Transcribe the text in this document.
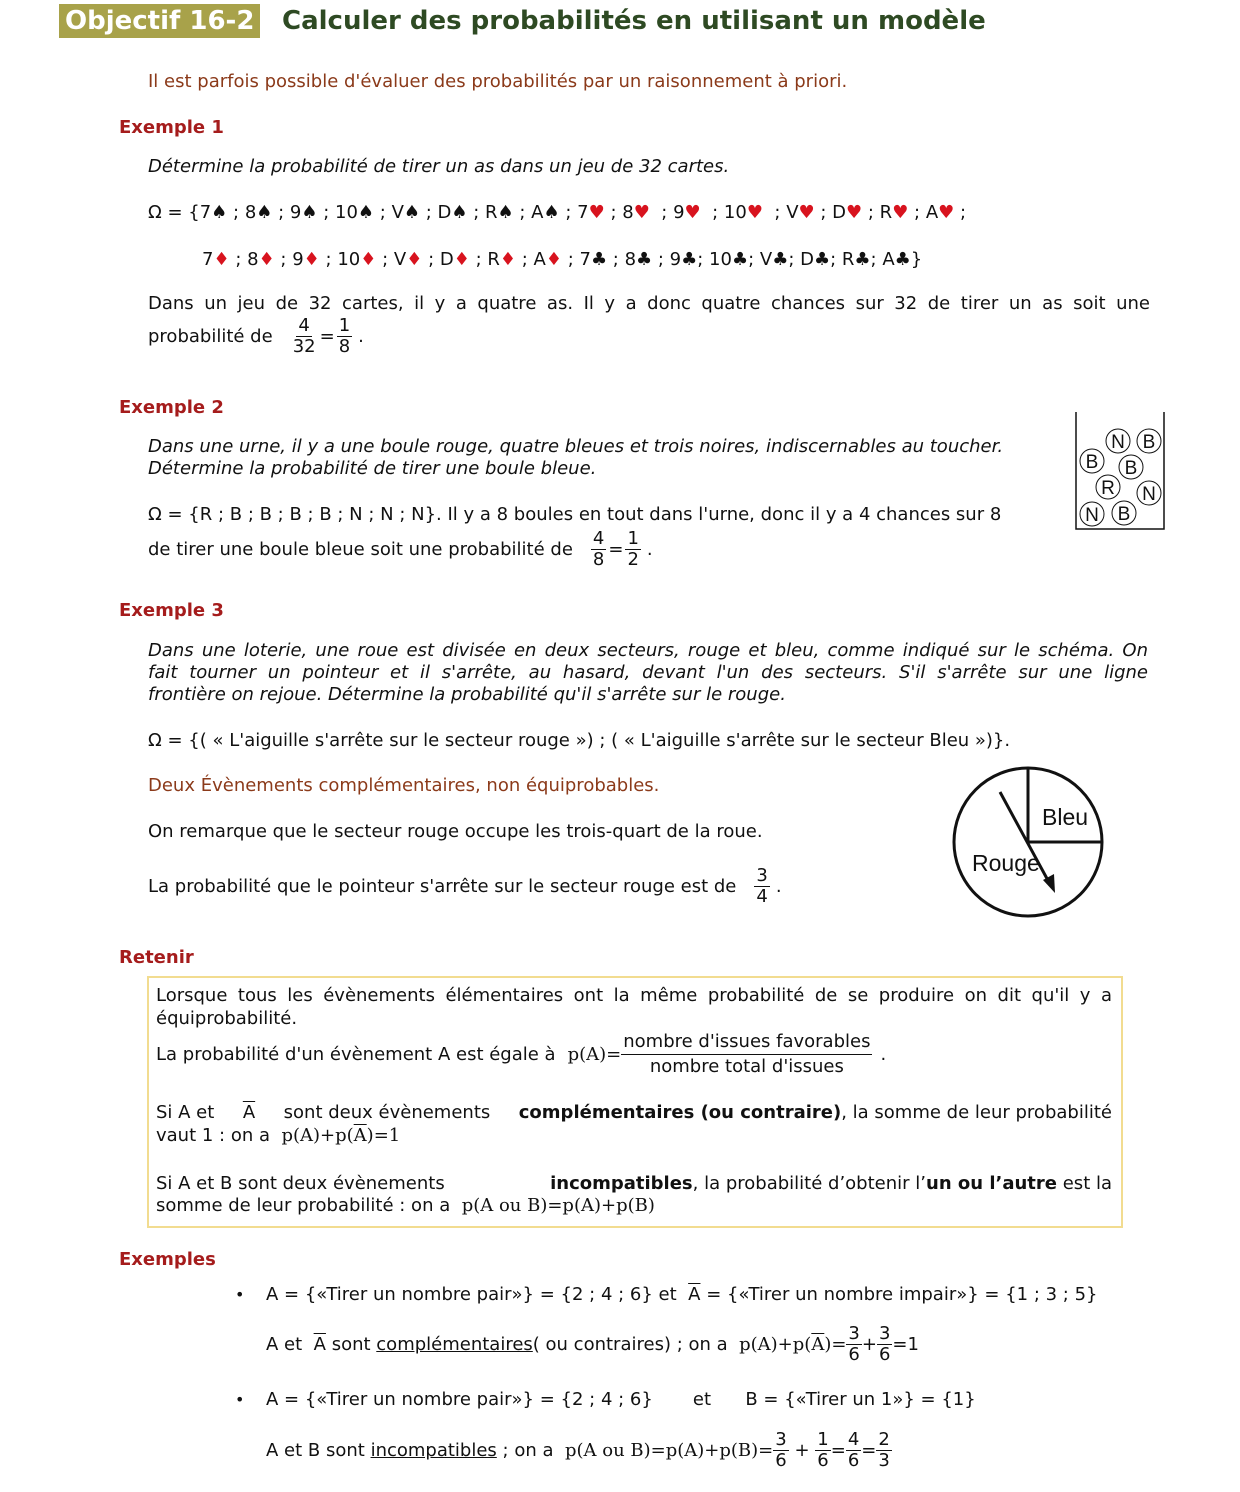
Objectif 16-2 Calculer des probabilités en utilisant un modèle
Il est parfois possible d'évaluer des probabilités par un raisonnement à priori.
Exemple 1
Détermine la probabilité de tirer un as dans un jeu de 32 cartes.
Ω = {7♠ ; 8♠ ; 9♠ ; 10♠ ; V♠ ; D♠ ; R♠ ; A♠ ; 7♥ ; 8♥  ; 9♥  ; 10♥  ; V♥ ; D♥ ; R♥ ; A♥ ;
7♦ ; 8♦ ; 9♦ ; 10♦ ; V♦ ; D♦ ; R♦ ; A♦ ; 7♣ ; 8♣ ; 9♣; 10♣; V♣; D♣; R♣; A♣}
Dans un jeu de 32 cartes, il y a quatre as. Il y a donc quatre chances sur 32 de tirer un as soit une
probabilité de $\frac{4}{32} = \frac{1}{8}$ .
Exemple 2
Dans une urne, il y a une boule rouge, quatre bleues et trois noires, indiscernables au toucher.
Détermine la probabilité de tirer une boule bleue.
Ω = {R ; B ; B ; B ; B ; N ; N ; N}. Il y a 8 boules en tout dans l'urne, donc il y a 4 chances sur 8
de tirer une boule bleue soit une probabilité de $\frac{4}{8} = \frac{1}{2}$ .
N B
B B
R N
N B
Exemple 3
Dans une loterie, une roue est divisée en deux secteurs, rouge et bleu, comme indiqué sur le schéma. On
fait tourner un pointeur et il s'arrête, au hasard, devant l'un des secteurs. S'il s'arrête sur une ligne
frontière on rejoue. Détermine la probabilité qu'il s'arrête sur le rouge.
Ω = {( « L'aiguille s'arrête sur le secteur rouge ») ; ( « L'aiguille s'arrête sur le secteur Bleu »)}.
Deux Évènements complémentaires, non équiprobables.
On remarque que le secteur rouge occupe les trois-quart de la roue.
La probabilité que le pointeur s'arrête sur le secteur rouge est de $\frac{3}{4}$ .
Bleu
Rouge
Retenir
Lorsque tous les évènements élémentaires ont la même probabilité de se produire on dit qu'il y a
équiprobabilité.
La probabilité d'un évènement A est égale à $p(A)= \frac{\text{nombre d'issues favorables}}{\text{nombre total d'issues}}$ .
Si A et $\overline{A}$ sont deux évènements complémentaires (ou contraire), la somme de leur probabilité
vaut 1 : on a $p(A)+p(\overline{A})=1$
Si A et B sont deux évènements	incompatibles, la probabilité d’obtenir l’un ou l’autre est la
somme de leur probabilité : on a p(A ou B)=p(A)+p(B)
Exemples
• A = {«Tirer un nombre pair»} = {2 ; 4 ; 6} et $\overline{A}$ = {«Tirer un nombre impair»} = {1 ; 3 ; 5}
A et
$\overline{A}$
sont
complémentaires ( ou contraires) ; on a
p(A)+p( $\overline{A}$ )= $\frac{3}{6} + \frac{3}{6} =1$
• A = {«Tirer un nombre pair»} = {2 ; 4 ; 6} et B = {«Tirer un 1»} = {1}
A et B sont
incompatibles
; on a
p(A ou $B)=p(A)+p(B)= \frac{3}{6}$
+
$\frac{1}{6} = \frac{4}{6} = \frac{2}{3}$
